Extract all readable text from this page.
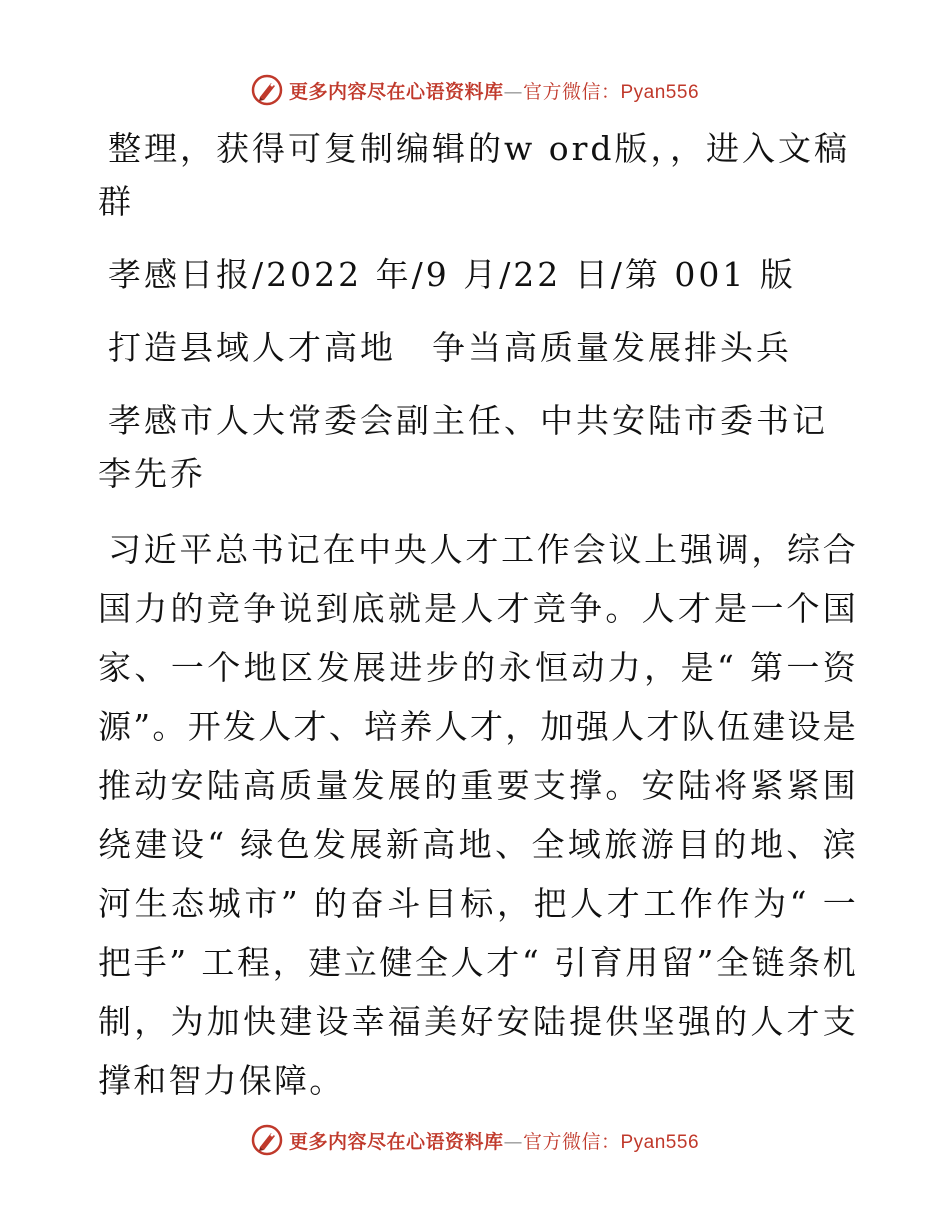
更多内容尽在心语资料库—官方微信：Pyan556

整理，获得可复制编辑的w ord版，，进入文稿群

孝感日报/2022 年/9 月/22 日/第 001 版

打造县域人才高地　争当高质量发展排头兵

孝感市人大常委会副主任、中共安陆市委书记李先乔

习近平总书记在中央人才工作会议上强调，综合国力的竞争说到底就是人才竞争。人才是一个国家、一个地区发展进步的永恒动力，是“ 第一资源”。开发人才、培养人才，加强人才队伍建设是推动安陆高质量发展的重要支撑。安陆将紧紧围绕建设“ 绿色发展新高地、全域旅游目的地、滨河生态城市” 的奋斗目标，把人才工作作为“ 一把手” 工程，建立健全人才“ 引育用留”全链条机制，为加快建设幸福美好安陆提供坚强的人才支撑和智力保障。

更多内容尽在心语资料库—官方微信：Pyan556
